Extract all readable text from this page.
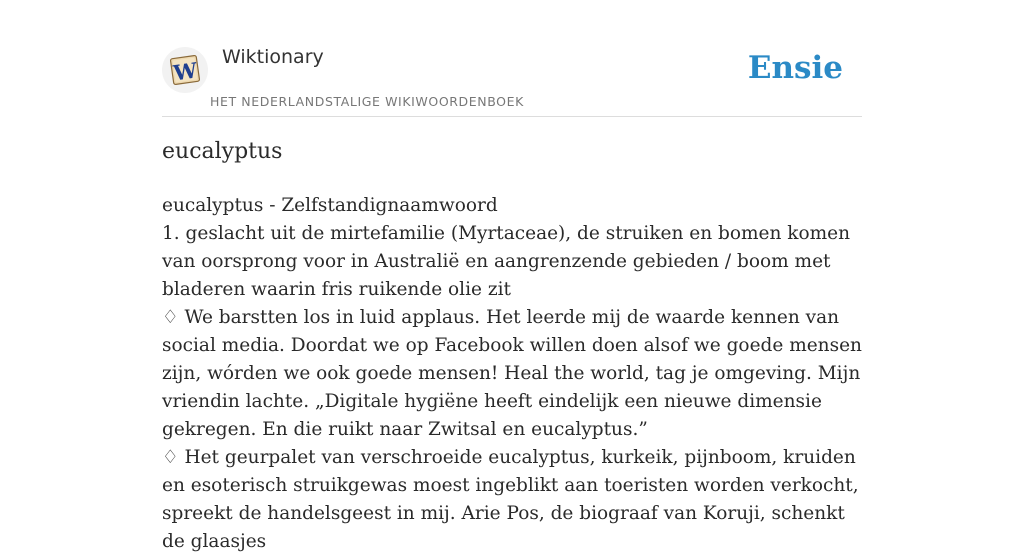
W
Wiktionary
HET NEDERLANDSTALIGE WIKIWOORDENBOEK
Ensie
eucalyptus

eucalyptus - Zelfstandignaamwoord

1. geslacht uit de mirtefamilie (Myrtaceae), de struiken en bomen komen van oorsprong voor in Australië en aangrenzende gebieden / boom met bladeren waarin fris ruikende olie zit

♢ We barstten los in luid applaus. Het leerde mij de waarde kennen van social media. Doordat we op Facebook willen doen alsof we goede mensen zijn, wórden we ook goede mensen! Heal the world, tag je omgeving. Mijn vriendin lachte. „Digitale hygiëne heeft eindelijk een nieuwe dimensie gekregen. En die ruikt naar Zwitsal en eucalyptus.”

♢ Het geurpalet van verschroeide eucalyptus, kurkeik, pijnboom, kruiden en esoterisch struikgewas moest ingeblikt aan toeristen worden verkocht, spreekt de handelsgeest in mij. Arie Pos, de biograaf van Koruji, schenkt de glaasjes
